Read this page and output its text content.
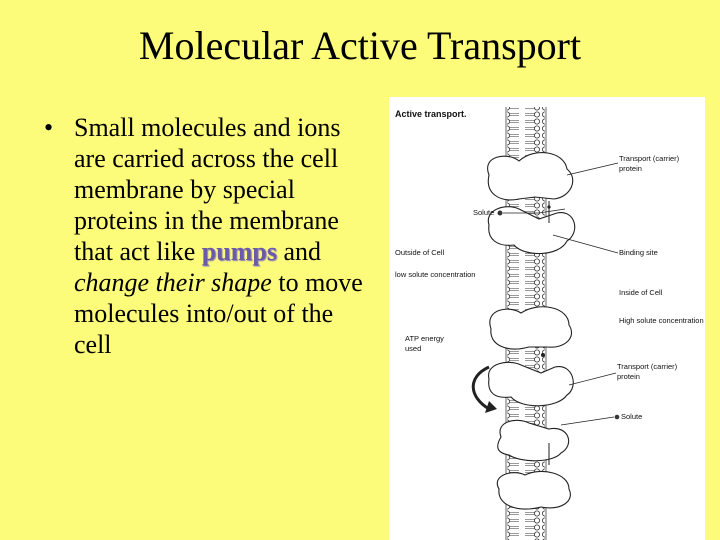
Molecular Active Transport
• Small molecules and ions are carried across the cell membrane by special proteins in the membrane that act like pumps and change their shape to move molecules into/out of the cell
Active transport.
Transport (carrier)
protein
Solute
Outside of Cell
low solute concentration
Binding site
Inside of Cell
High solute concentration
ATP energy
used
Transport (carrier)
protein
Solute
